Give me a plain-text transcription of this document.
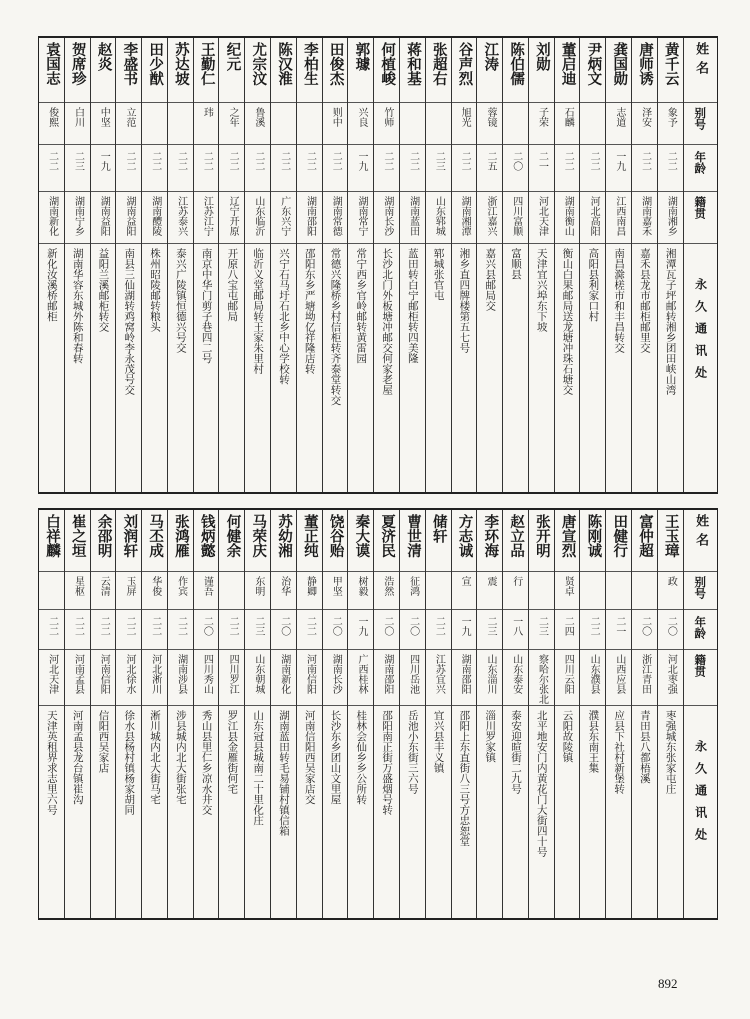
姓名
别号
年龄
籍贯
永久通讯处
黄千云
象予
二二
湖南湘乡
湘潭瓦子坪邮转湘乡团田峡山湾
唐师诱
泽安
二二
湖南嘉禾
嘉禾县龙市邮柜邮里交
龚国勋
志道
一九
江西南昌
南昌滁槎市和丰昌转交
尹炳文
二二
河北高阳
高阳县利家口村
董启迪
石麟
二二
湖南衡山
衡山白果邮局送龙塘冲珠石塘交
刘勋
子荣
二一
河北天津
天津宜兴埠东下坡
陈伯儒
二〇
四川富顺
富顺县
江涛
蓉镜
二五
浙江嘉兴
嘉兴县邮局交
谷声烈
旭光
二二
湖南湘潭
湘乡直四牌楼第五七号
张超右
二三
山东郓城
郓城张官屯
蒋和基
二二
湖南蓝田
蓝田转白宁邮柜转四美隆
何植峻
竹师
二二
湖南长沙
长沙北门外板塘冲邮交何家老屋
郭璩
兴良
一九
湖南常宁
常宁西乡官岭邮转黄雷园
田俊杰
则中
二二
湖南常德
常德兴隆桥乡村信柜转齐泰堂转交
李柏生
二二
湖南邵阳
邵阳东乡严塘坳亿祥隆店转
陈汉淮
二二
广东兴宁
兴宁石马圩石北乡中心学校转
尤宗汶
鲁溪
二二
山东临沂
临沂义堂邮局转王家朱里村
纪元
之年
二二
辽宁开原
开原八宝屯邮局
王勤仁
玮
二二
江苏江宁
南京中华门剪子巷四二号
苏达坡
二二
江苏泰兴
泰兴广陵镇恒德兴号交
田少猷
二二
湖南醴陵
株州昭陵邮转粮头
李盛书
立范
二二
湖南益阳
南县三仙湖转鸡窝岭李永茂号交
赵炎
中坚
一九
湖南益阳
益阳兰溪邮柜转交
贺席珍
白川
二三
湖南宁乡
湖南华容东城外陈和春转
袁国志
俊熙
二二
湖南新化
新化汝溪桥邮柜
姓名
别号
年龄
籍贯
永久通讯处
王玉璋
政
二〇
河北枣强
枣强城东张家屯庄
富仲超
二〇
浙江青田
青田县八都梧溪
田健行
二一
山西应县
应县下社村新堡转
陈刚诚
二二
山东濮县
濮县东南王集
唐宣烈
贤卓
二四
四川云阳
云阳故陵镇
张开明
二三
察哈尔张北
北平地安门内黄花门大街四十号
赵立品
行
一八
山东泰安
泰安迎暄街二九号
李环海
震
二三
山东淄川
淄川罗家镇
方志诚
宣
一九
湖南邵阳
邵阳上东直街八三号方忠恕堂
储轩
二二
江苏宜兴
宜兴县丰义镇
曹世清
征鸿
二〇
四川岳池
岳池小东街三六号
夏济民
浩然
二〇
湖南邵阳
邵阳南正街万盛烟号转
秦大谟
树毅
一九
广西桂林
桂林会仙乡乡公所转
饶谷贻
甲坚
二〇
湖南长沙
长沙东乡团山文里屋
董正纯
静卿
二二
河南信阳
河南信阳西吴家店交
苏幼湘
治华
二〇
湖南新化
湖南蓝田转毛易铺村镇信箱
马荣庆
东明
二三
山东朝城
山东冠县城南二十里化庄
何健余
二二
四川罗江
罗江县金雁街何宅
钱炳懿
谨吾
二〇
四川秀山
秀山县里仁乡凉水井交
张鸿雁
作宾
二二
湖南涉县
涉县城内北大街张宅
马丕成
华俊
二二
河北淅川
淅川城内北大街马宅
刘润轩
玉屏
二二
河北徐水
徐水县杨村镇杨家胡同
余邵明
云清
二二
河南信阳
信阳西吴家店
崔之垣
星枢
二二
河南孟县
河南孟县龙台镇崔沟
白祥麟
二二
河北天津
天津英租界求志里六号
892
